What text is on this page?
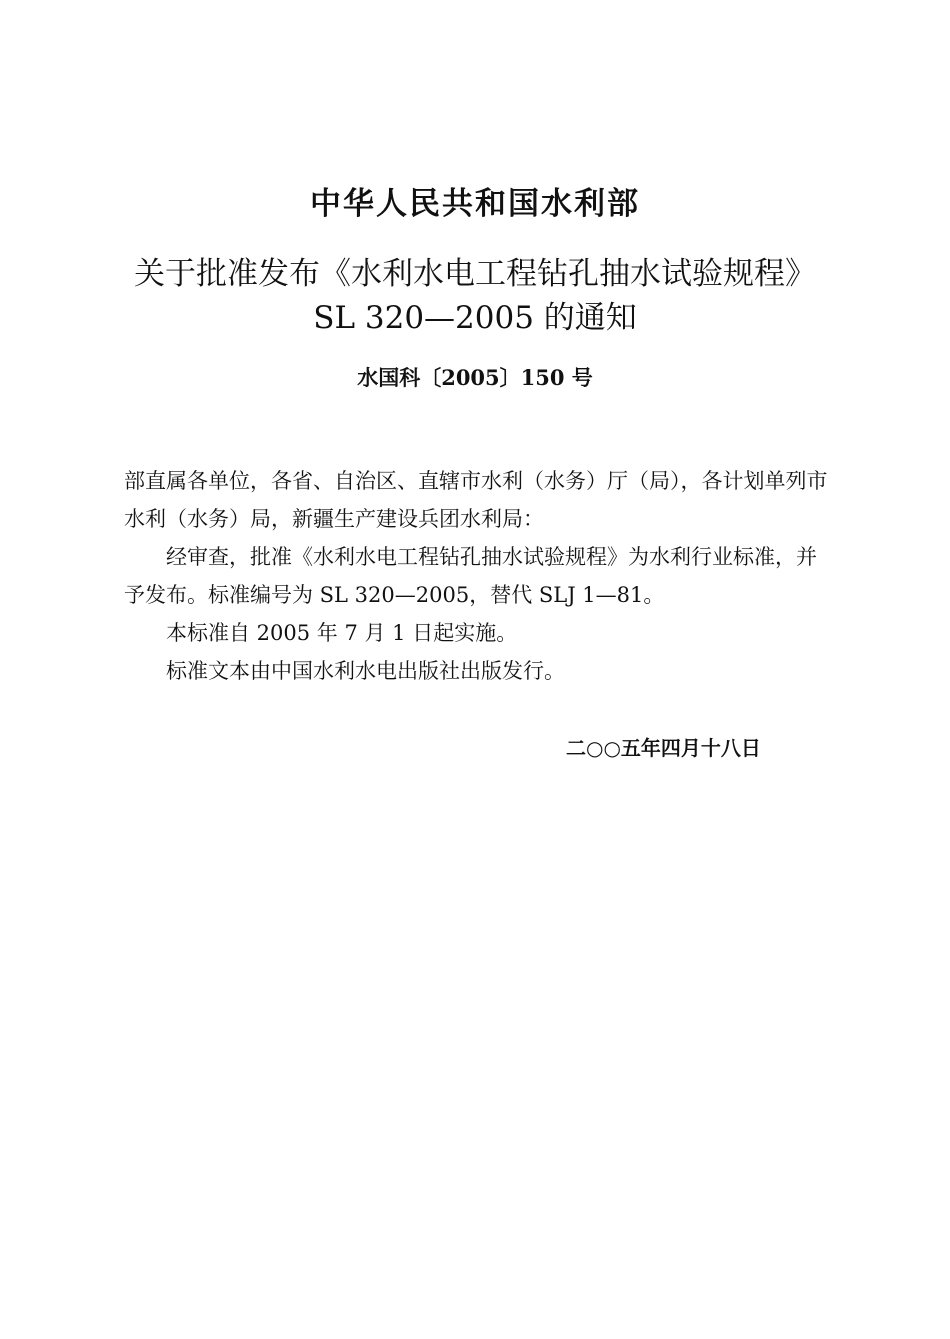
中华人民共和国水利部
关于批准发布《水利水电工程钻孔抽水试验规程》
SL 320—2005 的通知
水国科〔2005〕150 号

部直属各单位，各省、自治区、直辖市水利（水务）厅（局），各计划单列市水利（水务）局，新疆生产建设兵团水利局：

经审查，批准《水利水电工程钻孔抽水试验规程》为水利行业标准，并予发布。标准编号为 SL 320—2005，替代 SLJ 1—81。

本标准自 2005 年 7 月 1 日起实施。

标准文本由中国水利水电出版社出版发行。

二○○五年四月十八日
